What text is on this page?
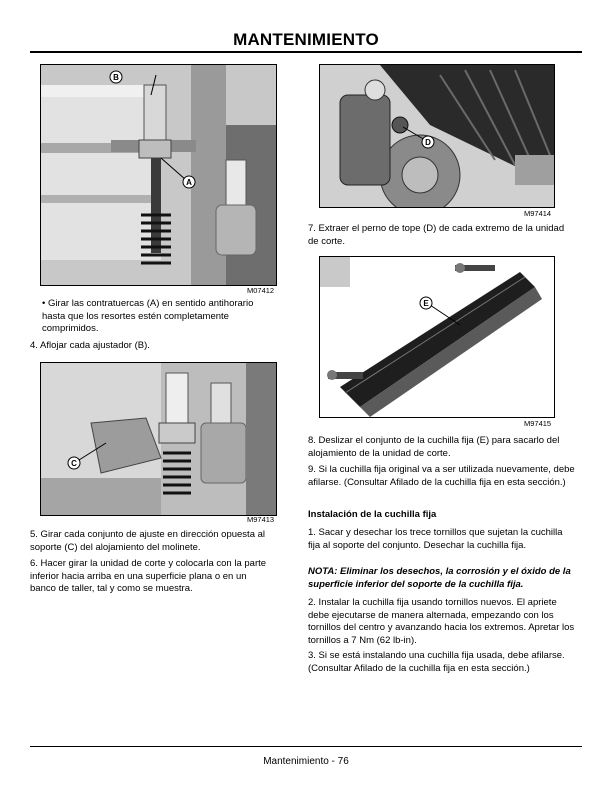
MANTENIMIENTO
B
A
M07412
• Girar las contratuercas (A) en sentido antihorario hasta que los resortes estén completamente comprimidos.
4. Aflojar cada ajustador (B).
C
M97413
5. Girar cada conjunto de ajuste en dirección opuesta al soporte (C) del alojamiento del molinete.
6. Hacer girar la unidad de corte y colocarla con la parte inferior hacia arriba en una superficie plana o en un banco de taller, tal y como se muestra.
D
M97414
7. Extraer el perno de tope (D) de cada extremo de la unidad de corte.
E
M97415
8. Deslizar el conjunto de la cuchilla fija (E) para sacarlo del alojamiento de la unidad de corte.
9. Si la cuchilla fija original va a ser utilizada nuevamente, debe afilarse. (Consultar Afilado de la cuchilla fija en esta sección.)
Instalación de la cuchilla fija
1. Sacar y desechar los trece tornillos que sujetan la cuchilla fija al soporte del conjunto. Desechar la cuchilla fija.
NOTA: Eliminar los desechos, la corrosión y el óxido de la superficie inferior del soporte de la cuchilla fija.
2. Instalar la cuchilla fija usando tornillos nuevos. El apriete debe ejecutarse de manera alternada, empezando con los tornillos del centro y avanzando hacia los extremos. Apretar los tornillos a 7 Nm (62 lb-in).
3. Si se está instalando una cuchilla fija usada, debe afilarse. (Consultar Afilado de la cuchilla fija en esta sección.)
Mantenimiento - 76
